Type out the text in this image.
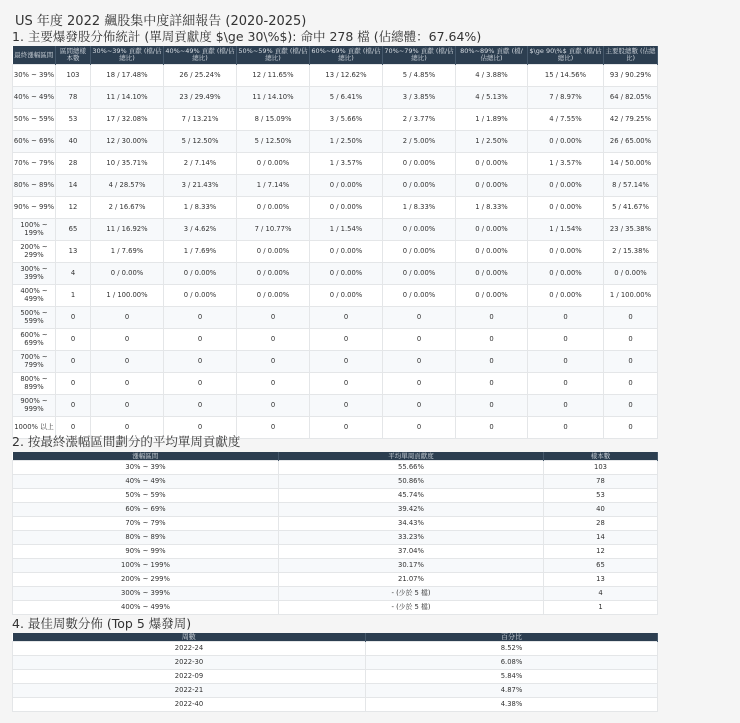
US 年度 2022 飆股集中度詳細報告 (2020-2025)
1. 主要爆發股分佈統計 (單周貢獻度 $\ge 30\%$): 命中 278 檔 (佔總體：67.64%)
最終漲幅區間	區間總樣本數	30%~39% 貢獻 (檔/佔總比)	40%~49% 貢獻 (檔/佔總比)	50%~59% 貢獻 (檔/佔總比)	60%~69% 貢獻 (檔/佔總比)	70%~79% 貢獻 (檔/佔總比)	80%~89% 貢獻 (檔/佔總比)	$\ge 90\%$ 貢獻 (檔/佔總比)	主要股總數 (佔總比)
30% ~ 39%	103	18 / 17.48%	26 / 25.24%	12 / 11.65%	13 / 12.62%	5 / 4.85%	4 / 3.88%	15 / 14.56%	93 / 90.29%
40% ~ 49%	78	11 / 14.10%	23 / 29.49%	11 / 14.10%	5 / 6.41%	3 / 3.85%	4 / 5.13%	7 / 8.97%	64 / 82.05%
50% ~ 59%	53	17 / 32.08%	7 / 13.21%	8 / 15.09%	3 / 5.66%	2 / 3.77%	1 / 1.89%	4 / 7.55%	42 / 79.25%
60% ~ 69%	40	12 / 30.00%	5 / 12.50%	5 / 12.50%	1 / 2.50%	2 / 5.00%	1 / 2.50%	0 / 0.00%	26 / 65.00%
70% ~ 79%	28	10 / 35.71%	2 / 7.14%	0 / 0.00%	1 / 3.57%	0 / 0.00%	0 / 0.00%	1 / 3.57%	14 / 50.00%
80% ~ 89%	14	4 / 28.57%	3 / 21.43%	1 / 7.14%	0 / 0.00%	0 / 0.00%	0 / 0.00%	0 / 0.00%	8 / 57.14%
90% ~ 99%	12	2 / 16.67%	1 / 8.33%	0 / 0.00%	0 / 0.00%	1 / 8.33%	1 / 8.33%	0 / 0.00%	5 / 41.67%
100% ~ 199%	65	11 / 16.92%	3 / 4.62%	7 / 10.77%	1 / 1.54%	0 / 0.00%	0 / 0.00%	1 / 1.54%	23 / 35.38%
200% ~ 299%	13	1 / 7.69%	1 / 7.69%	0 / 0.00%	0 / 0.00%	0 / 0.00%	0 / 0.00%	0 / 0.00%	2 / 15.38%
300% ~ 399%	4	0 / 0.00%	0 / 0.00%	0 / 0.00%	0 / 0.00%	0 / 0.00%	0 / 0.00%	0 / 0.00%	0 / 0.00%
400% ~ 499%	1	1 / 100.00%	0 / 0.00%	0 / 0.00%	0 / 0.00%	0 / 0.00%	0 / 0.00%	0 / 0.00%	1 / 100.00%
500% ~ 599%	0	0	0	0	0	0	0	0	0
600% ~ 699%	0	0	0	0	0	0	0	0	0
700% ~ 799%	0	0	0	0	0	0	0	0	0
800% ~ 899%	0	0	0	0	0	0	0	0	0
900% ~ 999%	0	0	0	0	0	0	0	0	0
1000% 以上	0	0	0	0	0	0	0	0	0
2. 按最終漲幅區間劃分的平均單周貢獻度
漲幅區間	平均單周貢獻度	樣本數
30% ~ 39%	55.66%	103
40% ~ 49%	50.86%	78
50% ~ 59%	45.74%	53
60% ~ 69%	39.42%	40
70% ~ 79%	34.43%	28
80% ~ 89%	33.23%	14
90% ~ 99%	37.04%	12
100% ~ 199%	30.17%	65
200% ~ 299%	21.07%	13
300% ~ 399%	- (少於 5 檔)	4
400% ~ 499%	- (少於 5 檔)	1
4. 最佳周數分佈 (Top 5 爆發周)
周數	百分比
2022-24	8.52%
2022-30	6.08%
2022-09	5.84%
2022-21	4.87%
2022-40	4.38%
